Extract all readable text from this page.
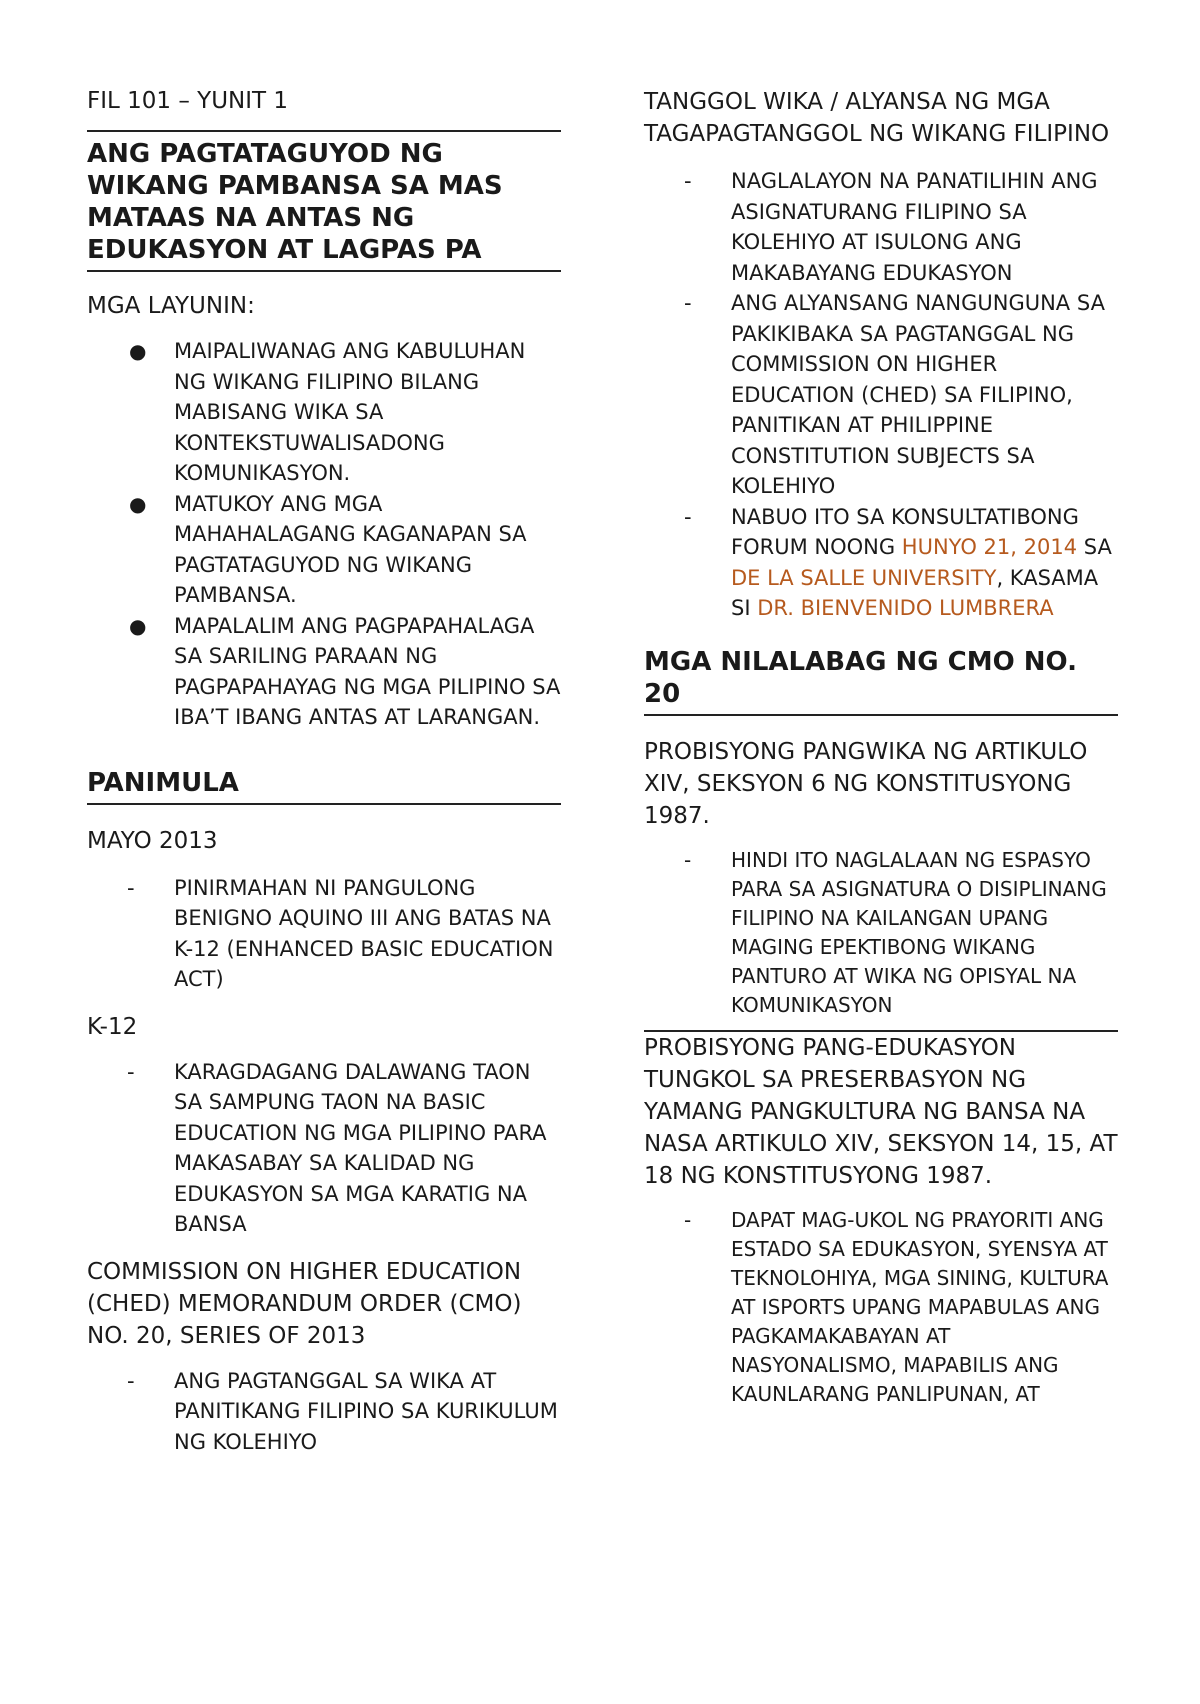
FIL 101 – YUNIT 1

ANG PAGTATAGUYOD NG WIKANG PAMBANSA SA MAS MATAAS NA ANTAS NG EDUKASYON AT LAGPAS PA

MGA LAYUNIN:

● MAIPALIWANAG ANG KABULUHAN NG WIKANG FILIPINO BILANG MABISANG WIKA SA KONTEKSTUWALISADONG KOMUNIKASYON.
● MATUKOY ANG MGA MAHAHALAGANG KAGANAPAN SA PAGTATAGUYOD NG WIKANG PAMBANSA.
● MAPALALIM ANG PAGPAPAHALAGA SA SARILING PARAAN NG PAGPAPAHAYAG NG MGA PILIPINO SA IBA’T IBANG ANTAS AT LARANGAN.
PANIMULA

MAYO 2013

- PINIRMAHAN NI PANGULONG BENIGNO AQUINO III ANG BATAS NA K-12 (ENHANCED BASIC EDUCATION ACT)

K-12

- KARAGDAGANG DALAWANG TAON SA SAMPUNG TAON NA BASIC EDUCATION NG MGA PILIPINO PARA MAKASABAY SA KALIDAD NG EDUKASYON SA MGA KARATIG NA BANSA

COMMISSION ON HIGHER EDUCATION (CHED) MEMORANDUM ORDER (CMO) NO. 20, SERIES OF 2013

- ANG PAGTANGGAL SA WIKA AT PANITIKANG FILIPINO SA KURIKULUM NG KOLEHIYO

TANGGOL WIKA / ALYANSA NG MGA TAGAPAGTANGGOL NG WIKANG FILIPINO

- NAGLALAYON NA PANATILIHIN ANG ASIGNATURANG FILIPINO SA KOLEHIYO AT ISULONG ANG MAKABAYANG EDUKASYON
- ANG ALYANSANG NANGUNGUNA SA PAKIKIBAKA SA PAGTANGGAL NG COMMISSION ON HIGHER EDUCATION (CHED) SA FILIPINO, PANITIKAN AT PHILIPPINE CONSTITUTION SUBJECTS SA KOLEHIYO
- NABUO ITO SA KONSULTATIBONG FORUM NOONG HUNYO 21, 2014 SA DE LA SALLE UNIVERSITY, KASAMA SI DR. BIENVENIDO LUMBRERA
MGA NILALABAG NG CMO NO. 20

PROBISYONG PANGWIKA NG ARTIKULO XIV, SEKSYON 6 NG KONSTITUSYONG 1987.

- HINDI ITO NAGLALAAN NG ESPASYO PARA SA ASIGNATURA O DISIPLINANG FILIPINO NA KAILANGAN UPANG MAGING EPEKTIBONG WIKANG PANTURO AT WIKA NG OPISYAL NA KOMUNIKASYON

PROBISYONG PANG-EDUKASYON TUNGKOL SA PRESERBASYON NG YAMANG PANGKULTURA NG BANSA NA NASA ARTIKULO XIV, SEKSYON 14, 15, AT 18 NG KONSTITUSYONG 1987.

- DAPAT MAG-UKOL NG PRAYORITI ANG ESTADO SA EDUKASYON, SYENSYA AT TEKNOLOHIYA, MGA SINING, KULTURA AT ISPORTS UPANG MAPABULAS ANG PAGKAMAKABAYAN AT NASYONALISMO, MAPABILIS ANG KAUNLARANG PANLIPUNAN, AT
